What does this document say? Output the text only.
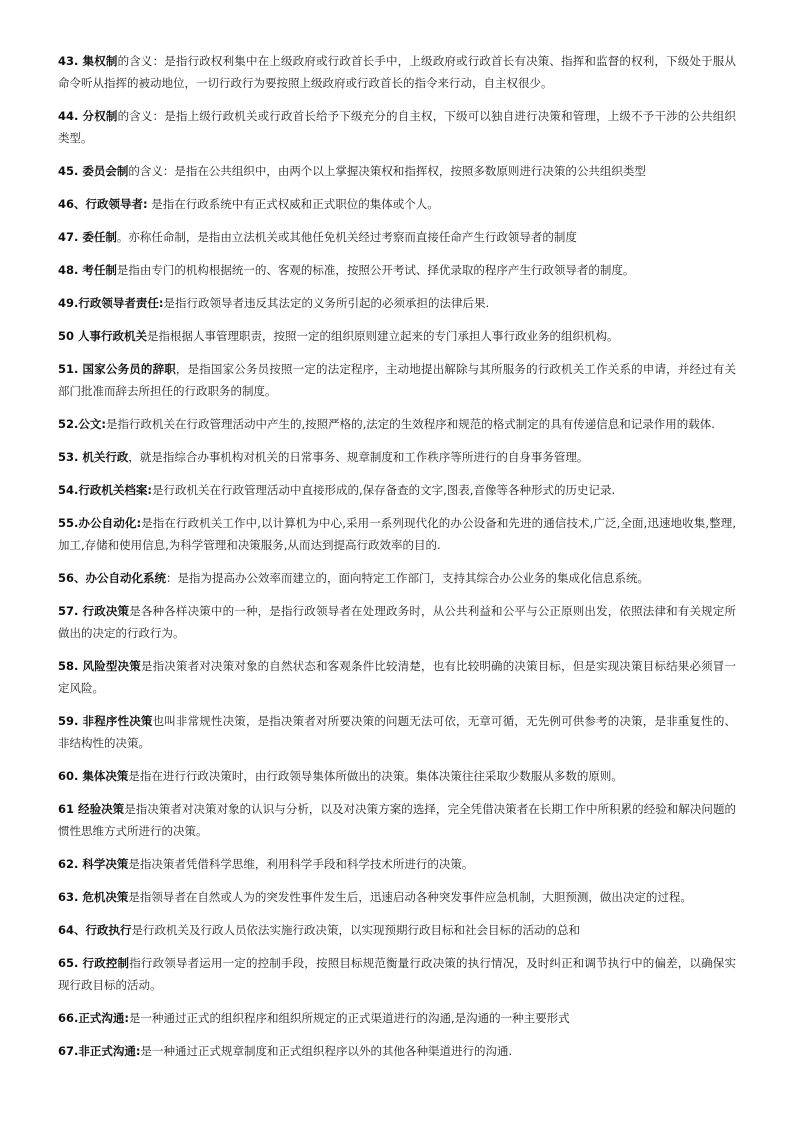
43. 集权制的含义：是指行政权利集中在上级政府或行政首长手中，上级政府或行政首长有决策、指挥和监督的权利，下级处于服从命令听从指挥的被动地位，一切行政行为要按照上级政府或行政首长的指令来行动，自主权很少。

44. 分权制的含义：是指上级行政机关或行政首长给予下级充分的自主权，下级可以独自进行决策和管理，上级不予干涉的公共组织类型。

45. 委员会制的含义：是指在公共组织中，由两个以上掌握决策权和指挥权，按照多数原则进行决策的公共组织类型

46、行政领导者: 是指在行政系统中有正式权威和正式职位的集体或个人。

47. 委任制。亦称任命制，是指由立法机关或其他任免机关经过考察而直接任命产生行政领导者的制度

48. 考任制是指由专门的机构根据统一的、客观的标准，按照公开考试、择优录取的程序产生行政领导者的制度。

49.行政领导者责任:是指行政领导者违反其法定的义务所引起的必须承担的法律后果.

50 人事行政机关是指根据人事管理职责，按照一定的组织原则建立起来的专门承担人事行政业务的组织机构。

51. 国家公务员的辞职，是指国家公务员按照一定的法定程序，主动地提出解除与其所服务的行政机关工作关系的申请，并经过有关部门批准而辞去所担任的行政职务的制度。

52.公文:是指行政机关在行政管理活动中产生的,按照严格的,法定的生效程序和规范的格式制定的具有传递信息和记录作用的载体.

53. 机关行政，就是指综合办事机构对机关的日常事务、规章制度和工作秩序等所进行的自身事务管理。

54.行政机关档案:是行政机关在行政管理活动中直接形成的,保存备查的文字,图表,音像等各种形式的历史记录.

55.办公自动化:是指在行政机关工作中,以计算机为中心,采用一系列现代化的办公设备和先进的通信技术,广泛,全面,迅速地收集,整理,加工,存储和使用信息,为科学管理和决策服务,从而达到提高行政效率的目的.

56、办公自动化系统：是指为提高办公效率而建立的，面向特定工作部门，支持其综合办公业务的集成化信息系统。

57. 行政决策是各种各样决策中的一种，是指行政领导者在处理政务时，从公共利益和公平与公正原则出发，依照法律和有关规定所做出的决定的行政行为。

58. 风险型决策是指决策者对决策对象的自然状态和客观条件比较清楚，也有比较明确的决策目标，但是实现决策目标结果必须冒一定风险。

59. 非程序性决策也叫非常规性决策，是指决策者对所要决策的问题无法可依，无章可循，无先例可供参考的决策，是非重复性的、非结构性的决策。

60. 集体决策是指在进行行政决策时，由行政领导集体所做出的决策。集体决策往往采取少数服从多数的原则。

61 经验决策是指决策者对决策对象的认识与分析，以及对决策方案的选择，完全凭借决策者在长期工作中所积累的经验和解决问题的惯性思维方式所进行的决策。

62. 科学决策是指决策者凭借科学思维，利用科学手段和科学技术所进行的决策。

63. 危机决策是指领导者在自然或人为的突发性事件发生后，迅速启动各种突发事件应急机制，大胆预测，做出决定的过程。

64、行政执行是行政机关及行政人员依法实施行政决策，以实现预期行政目标和社会目标的活动的总和

65. 行政控制指行政领导者运用一定的控制手段，按照目标规范衡量行政决策的执行情况，及时纠正和调节执行中的偏差，以确保实现行政目标的活动。

66.正式沟通:是一种通过正式的组织程序和组织所规定的正式渠道进行的沟通,是沟通的一种主要形式

67.非正式沟通:是一种通过正式规章制度和正式组织程序以外的其他各种渠道进行的沟通.
